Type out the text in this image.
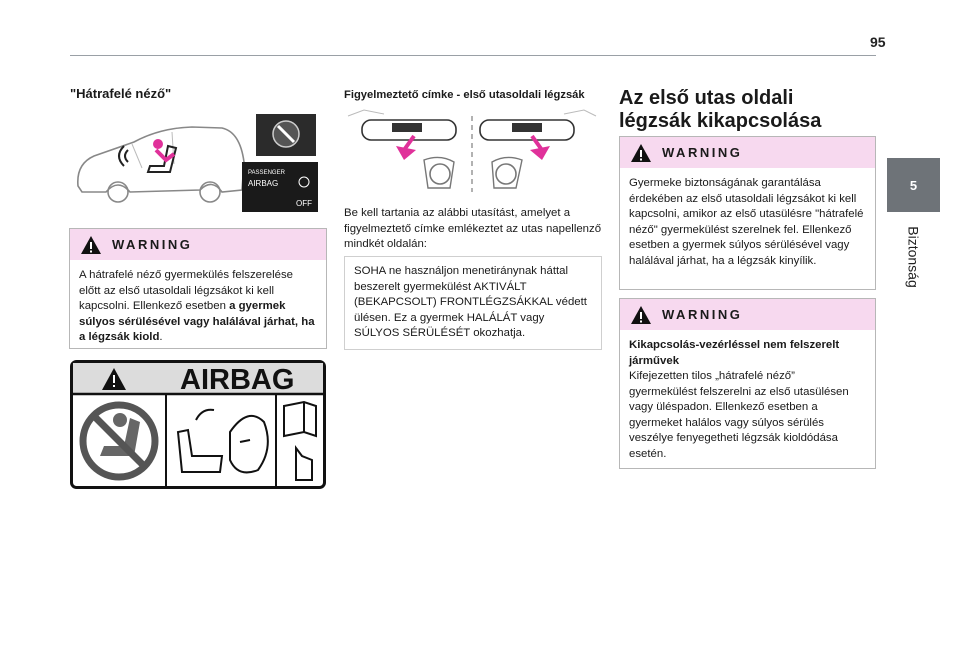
95
5
Biztonság
"Hátrafelé néző"
PASSENGER
AIRBAG
OFF
WARNING
A hátrafelé néző gyermekülés felszerelése előtt az első utasoldali légzsákot ki kell kapcsolni. Ellenkező esetben a gyermek súlyos sérülésével vagy halálával járhat, ha a légzsák kiold.
AIRBAG
Figyelmeztető címke - első utasoldali légzsák
Be kell tartania az alábbi utasítást, amelyet a figyelmeztető címke emlékeztet az utas napellenző mindkét oldalán:
SOHA ne használjon menetiránynak háttal beszerelt gyermekülést AKTIVÁLT (BEKAPCSOLT) FRONTLÉGZSÁKKAL védett ülésen. Ez a gyermek HALÁLÁT vagy SÚLYOS SÉRÜLÉSÉT okozhatja.
Az első utas oldali légzsák kikapcsolása
WARNING
Gyermeke biztonságának garantálása érdekében az első utasoldali légzsákot ki kell kapcsolni, amikor az első utasülésre "hátrafelé néző" gyermekülést szerelnek fel. Ellenkező esetben a gyermek súlyos sérülésével vagy halálával járhat, ha a légzsák kinyílik.
WARNING
Kikapcsolás-vezérléssel nem felszerelt járművek
Kifejezetten tilos „hátrafelé néző” gyermekülést felszerelni az első utasülésen vagy üléspadon. Ellenkező esetben a gyermeket halálos vagy súlyos sérülés veszélye fenyegetheti légzsák kioldódása esetén.
